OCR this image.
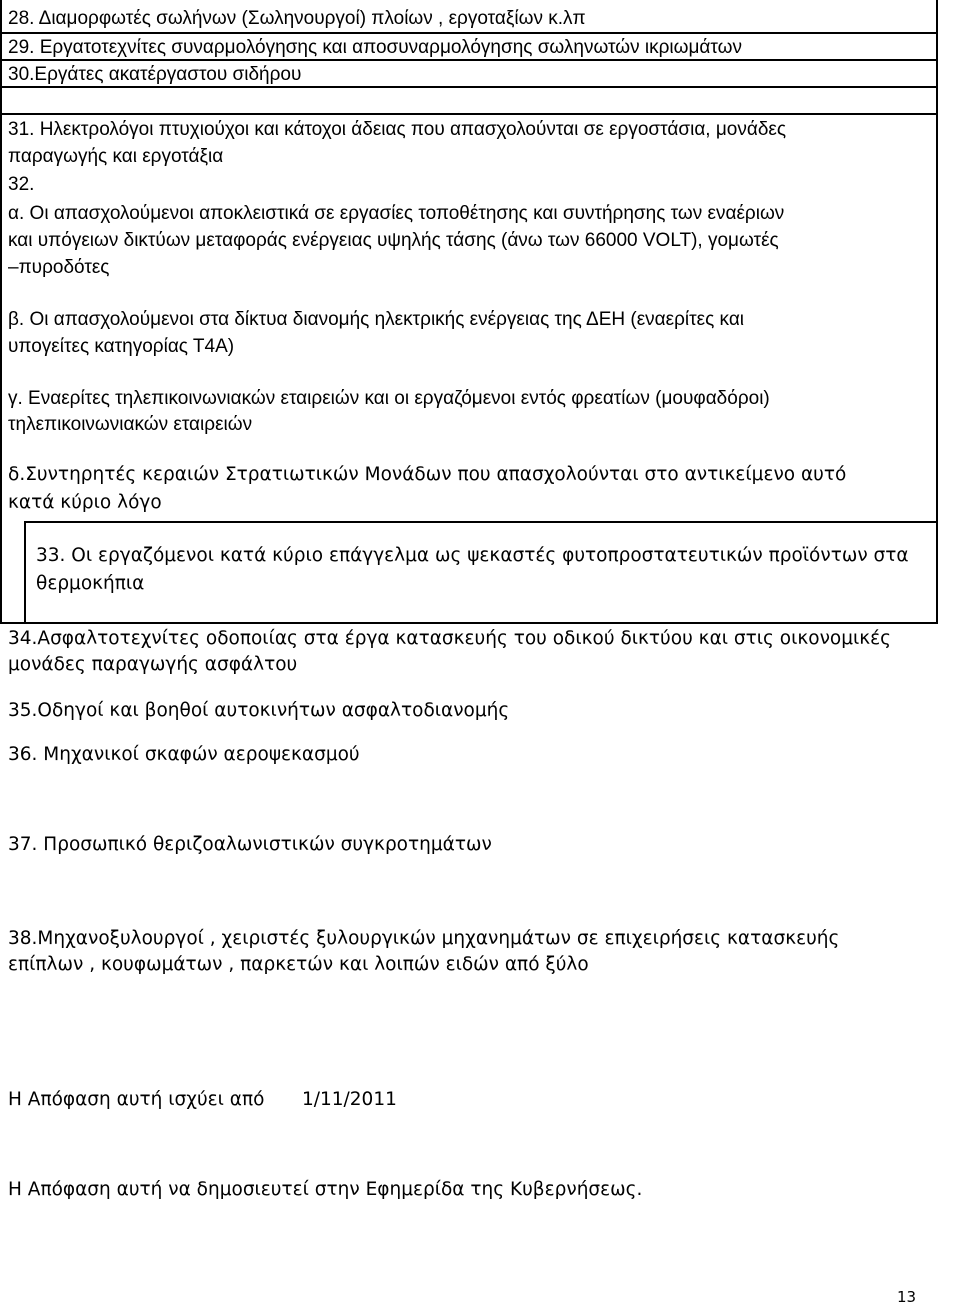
28. Διαμορφωτές σωλήνων (Σωληνουργοί) πλοίων , εργοταξίων κ.λπ
29. Εργατοτεχνίτες συναρμολόγησης και αποσυναρμολόγησης σωληνωτών ικριωμάτων
30.Εργάτες ακατέργαστου σιδήρου
31. Ηλεκτρολόγοι πτυχιούχοι και κάτοχοι άδειας που απασχολούνται σε εργοστάσια, μονάδες
παραγωγής και εργοτάξια
32.
α. Οι απασχολούμενοι αποκλειστικά σε εργασίες τοποθέτησης και συντήρησης των εναέριων
και υπόγειων δικτύων μεταφοράς ενέργειας υψηλής τάσης (άνω των 66000 VOLT), γομωτές
–πυροδότες
β. Οι απασχολούμενοι στα δίκτυα διανομής ηλεκτρικής ενέργειας της ΔΕΗ (εναερίτες και
υπογείτες κατηγορίας Τ4Α)
γ. Εναερίτες τηλεπικοινωνιακών εταιρειών και οι εργαζόμενοι εντός φρεατίων (μουφαδόροι)
τηλεπικοινωνιακών εταιρειών
δ.Συντηρητές κεραιών Στρατιωτικών Μονάδων που απασχολούνται στο αντικείμενο αυτό
κατά κύριο λόγο
33. Οι εργαζόμενοι κατά κύριο επάγγελμα ως ψεκαστές φυτοπροστατευτικών προϊόντων στα
θερμοκήπια
34.Ασφαλτοτεχνίτες οδοποιίας στα έργα κατασκευής του οδικού δικτύου και στις οικονομικές
μονάδες παραγωγής ασφάλτου
35.Οδηγοί και βοηθοί αυτοκινήτων ασφαλτοδιανομής
36. Μηχανικοί σκαφών αεροψεκασμού
37. Προσωπικό θεριζοαλωνιστικών συγκροτημάτων
38.Μηχανοξυλουργοί , χειριστές ξυλουργικών μηχανημάτων σε επιχειρήσεις κατασκευής
επίπλων , κουφωμάτων , παρκετών και λοιπών ειδών από ξύλο
Η Απόφαση αυτή ισχύει από 1/11/2011
Η Απόφαση αυτή να δημοσιευτεί στην Εφημερίδα της Κυβερνήσεως.
13
